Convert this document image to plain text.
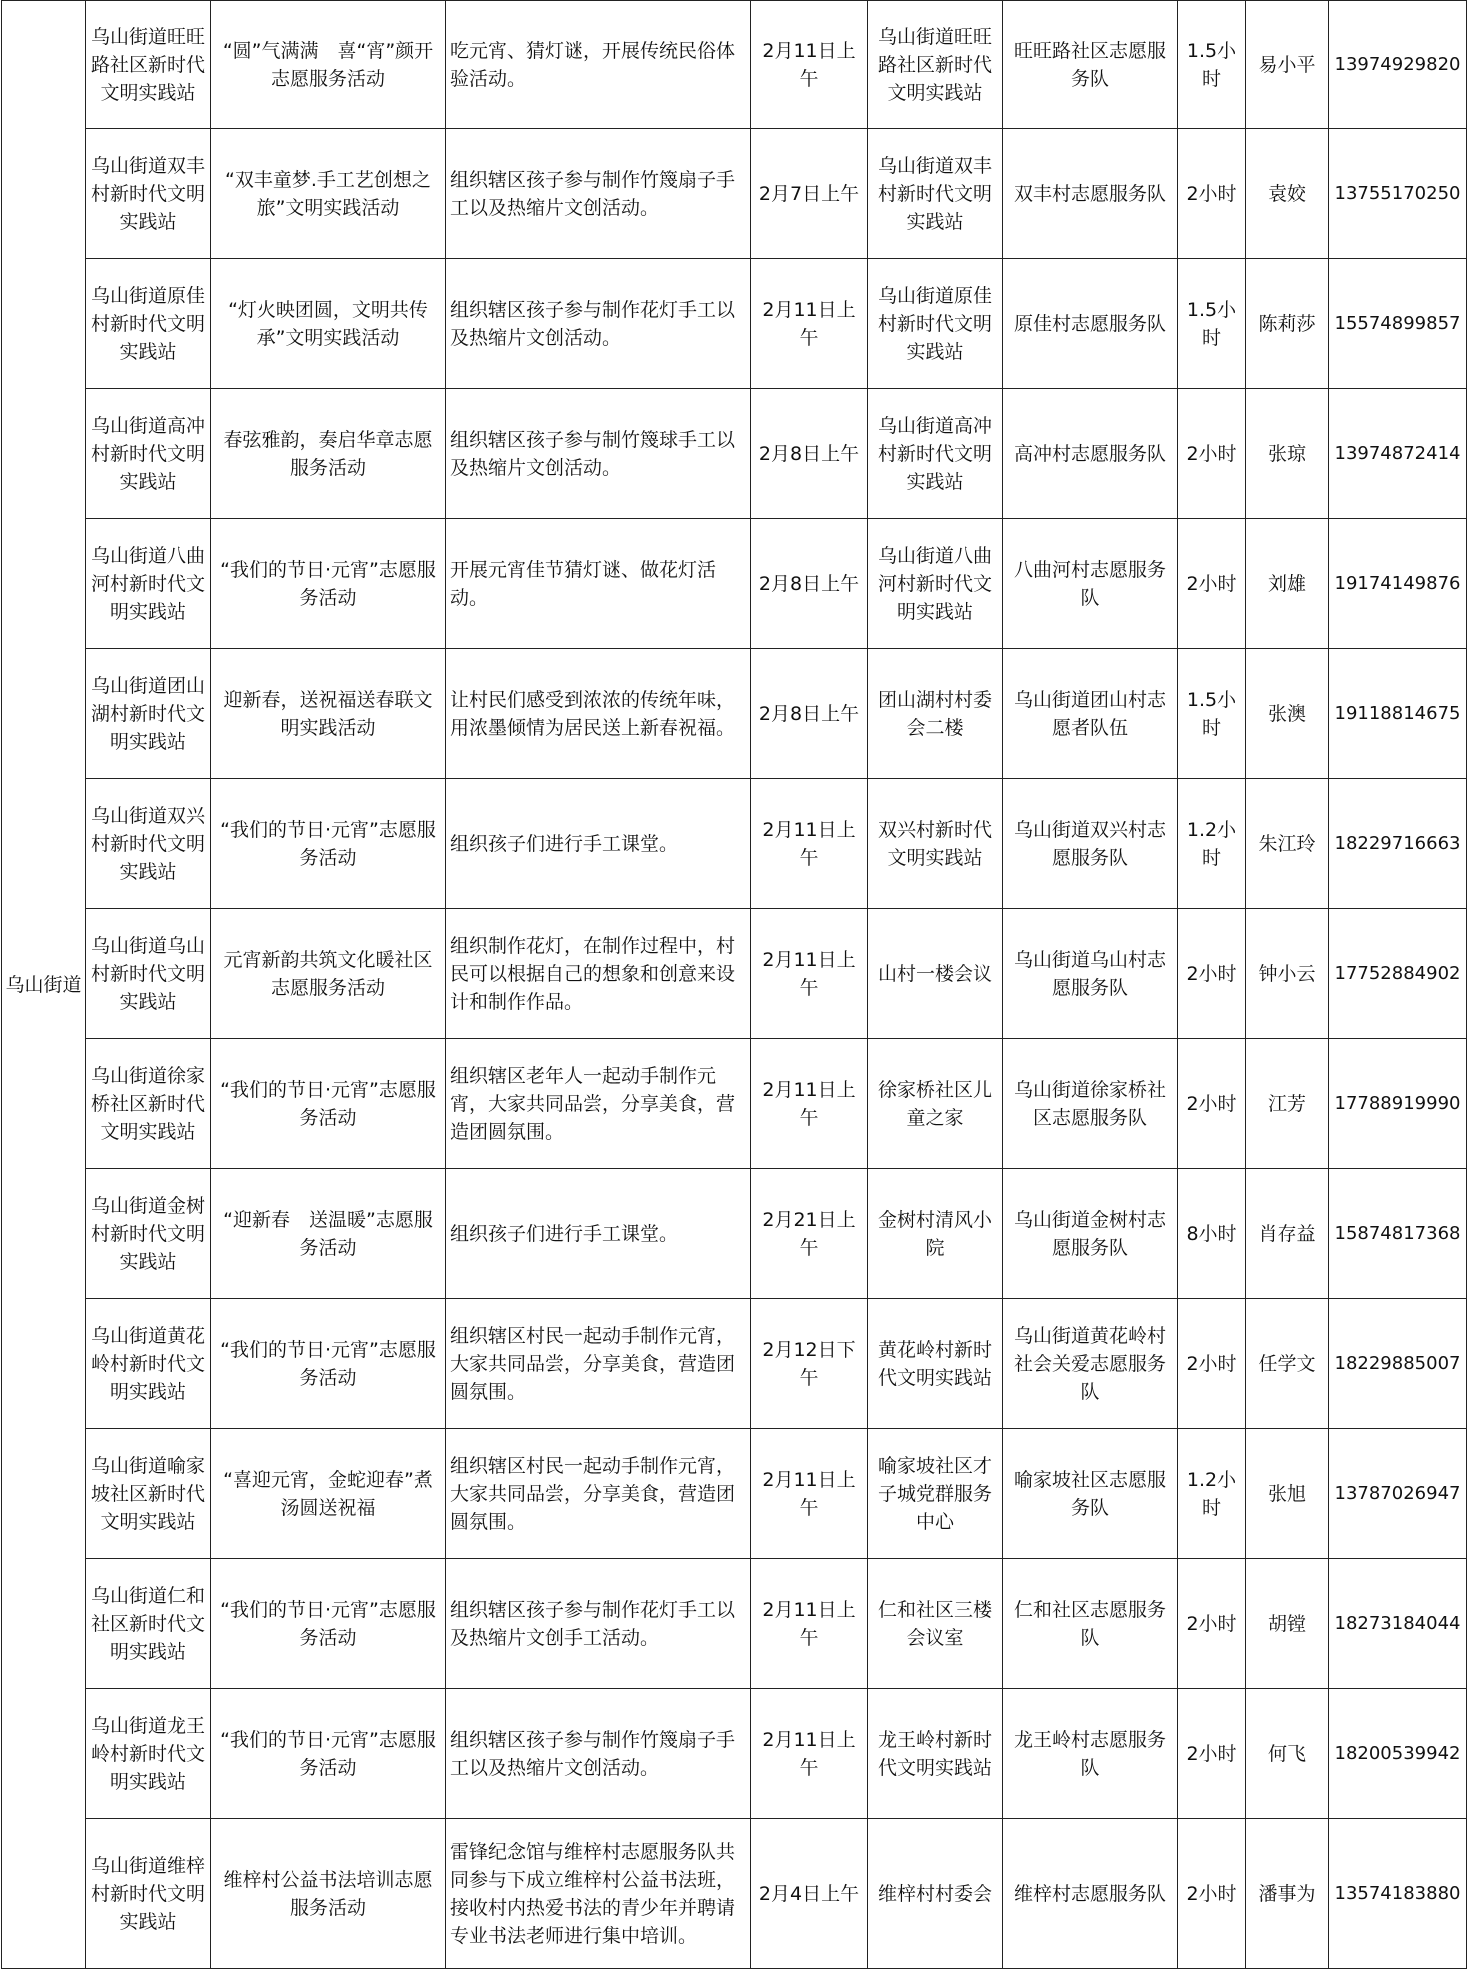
乌山街道	乌山街道旺旺路社区新时代文明实践站	“圆”气满满　喜“宵”颜开志愿服务活动	吃元宵、猜灯谜，开展传统民俗体验活动。	2月11日上午	乌山街道旺旺路社区新时代文明实践站	旺旺路社区志愿服务队	1.5小时	易小平	13974929820
	乌山街道双丰村新时代文明实践站	“双丰童梦.手工艺创想之旅”文明实践活动	组织辖区孩子参与制作竹篾扇子手工以及热缩片文创活动。	2月7日上午	乌山街道双丰村新时代文明实践站	双丰村志愿服务队	2小时	袁姣	13755170250
	乌山街道原佳村新时代文明实践站	“灯火映团圆，文明共传承”文明实践活动	组织辖区孩子参与制作花灯手工以及热缩片文创活动。	2月11日上午	乌山街道原佳村新时代文明实践站	原佳村志愿服务队	1.5小时	陈莉莎	15574899857
	乌山街道高冲村新时代文明实践站	春弦雅韵，奏启华章志愿服务活动	组织辖区孩子参与制竹篾球手工以及热缩片文创活动。	2月8日上午	乌山街道高冲村新时代文明实践站	高冲村志愿服务队	2小时	张琼	13974872414
	乌山街道八曲河村新时代文明实践站	“我们的节日·元宵”志愿服务活动	开展元宵佳节猜灯谜、做花灯活动。	2月8日上午	乌山街道八曲河村新时代文明实践站	八曲河村志愿服务队	2小时	刘雄	19174149876
	乌山街道团山湖村新时代文明实践站	迎新春，送祝福送春联文明实践活动	让村民们感受到浓浓的传统年味，用浓墨倾情为居民送上新春祝福。	2月8日上午	团山湖村村委会二楼	乌山街道团山村志愿者队伍	1.5小时	张澳	19118814675
	乌山街道双兴村新时代文明实践站	“我们的节日·元宵”志愿服务活动	组织孩子们进行手工课堂。	2月11日上午	双兴村新时代文明实践站	乌山街道双兴村志愿服务队	1.2小时	朱江玲	18229716663
	乌山街道乌山村新时代文明实践站	元宵新韵共筑文化暖社区志愿服务活动	组织制作花灯，在制作过程中，村民可以根据自己的想象和创意来设计和制作作品。	2月11日上午	山村一楼会议	乌山街道乌山村志愿服务队	2小时	钟小云	17752884902
	乌山街道徐家桥社区新时代文明实践站	“我们的节日·元宵”志愿服务活动	组织辖区老年人一起动手制作元宵，大家共同品尝，分享美食，营造团圆氛围。	2月11日上午	徐家桥社区儿童之家	乌山街道徐家桥社区志愿服务队	2小时	江芳	17788919990
	乌山街道金树村新时代文明实践站	“迎新春　送温暖”志愿服务活动	组织孩子们进行手工课堂。	2月21日上午	金树村清风小院	乌山街道金树村志愿服务队	8小时	肖存益	15874817368
	乌山街道黄花岭村新时代文明实践站	“我们的节日·元宵”志愿服务活动	组织辖区村民一起动手制作元宵，大家共同品尝，分享美食，营造团圆氛围。	2月12日下午	黄花岭村新时代文明实践站	乌山街道黄花岭村社会关爱志愿服务队	2小时	任学文	18229885007
	乌山街道喻家坡社区新时代文明实践站	“喜迎元宵，金蛇迎春”煮汤圆送祝福	组织辖区村民一起动手制作元宵，大家共同品尝，分享美食，营造团圆氛围。	2月11日上午	喻家坡社区才子城党群服务中心	喻家坡社区志愿服务队	1.2小时	张旭	13787026947
	乌山街道仁和社区新时代文明实践站	“我们的节日·元宵”志愿服务活动	组织辖区孩子参与制作花灯手工以及热缩片文创手工活动。	2月11日上午	仁和社区三楼会议室	仁和社区志愿服务队	2小时	胡镗	18273184044
	乌山街道龙王岭村新时代文明实践站	“我们的节日·元宵”志愿服务活动	组织辖区孩子参与制作竹篾扇子手工以及热缩片文创活动。	2月11日上午	龙王岭村新时代文明实践站	龙王岭村志愿服务队	2小时	何飞	18200539942
	乌山街道维梓村新时代文明实践站	维梓村公益书法培训志愿服务活动	雷锋纪念馆与维梓村志愿服务队共同参与下成立维梓村公益书法班，接收村内热爱书法的青少年并聘请专业书法老师进行集中培训。	2月4日上午	维梓村村委会	维梓村志愿服务队	2小时	潘事为	13574183880
